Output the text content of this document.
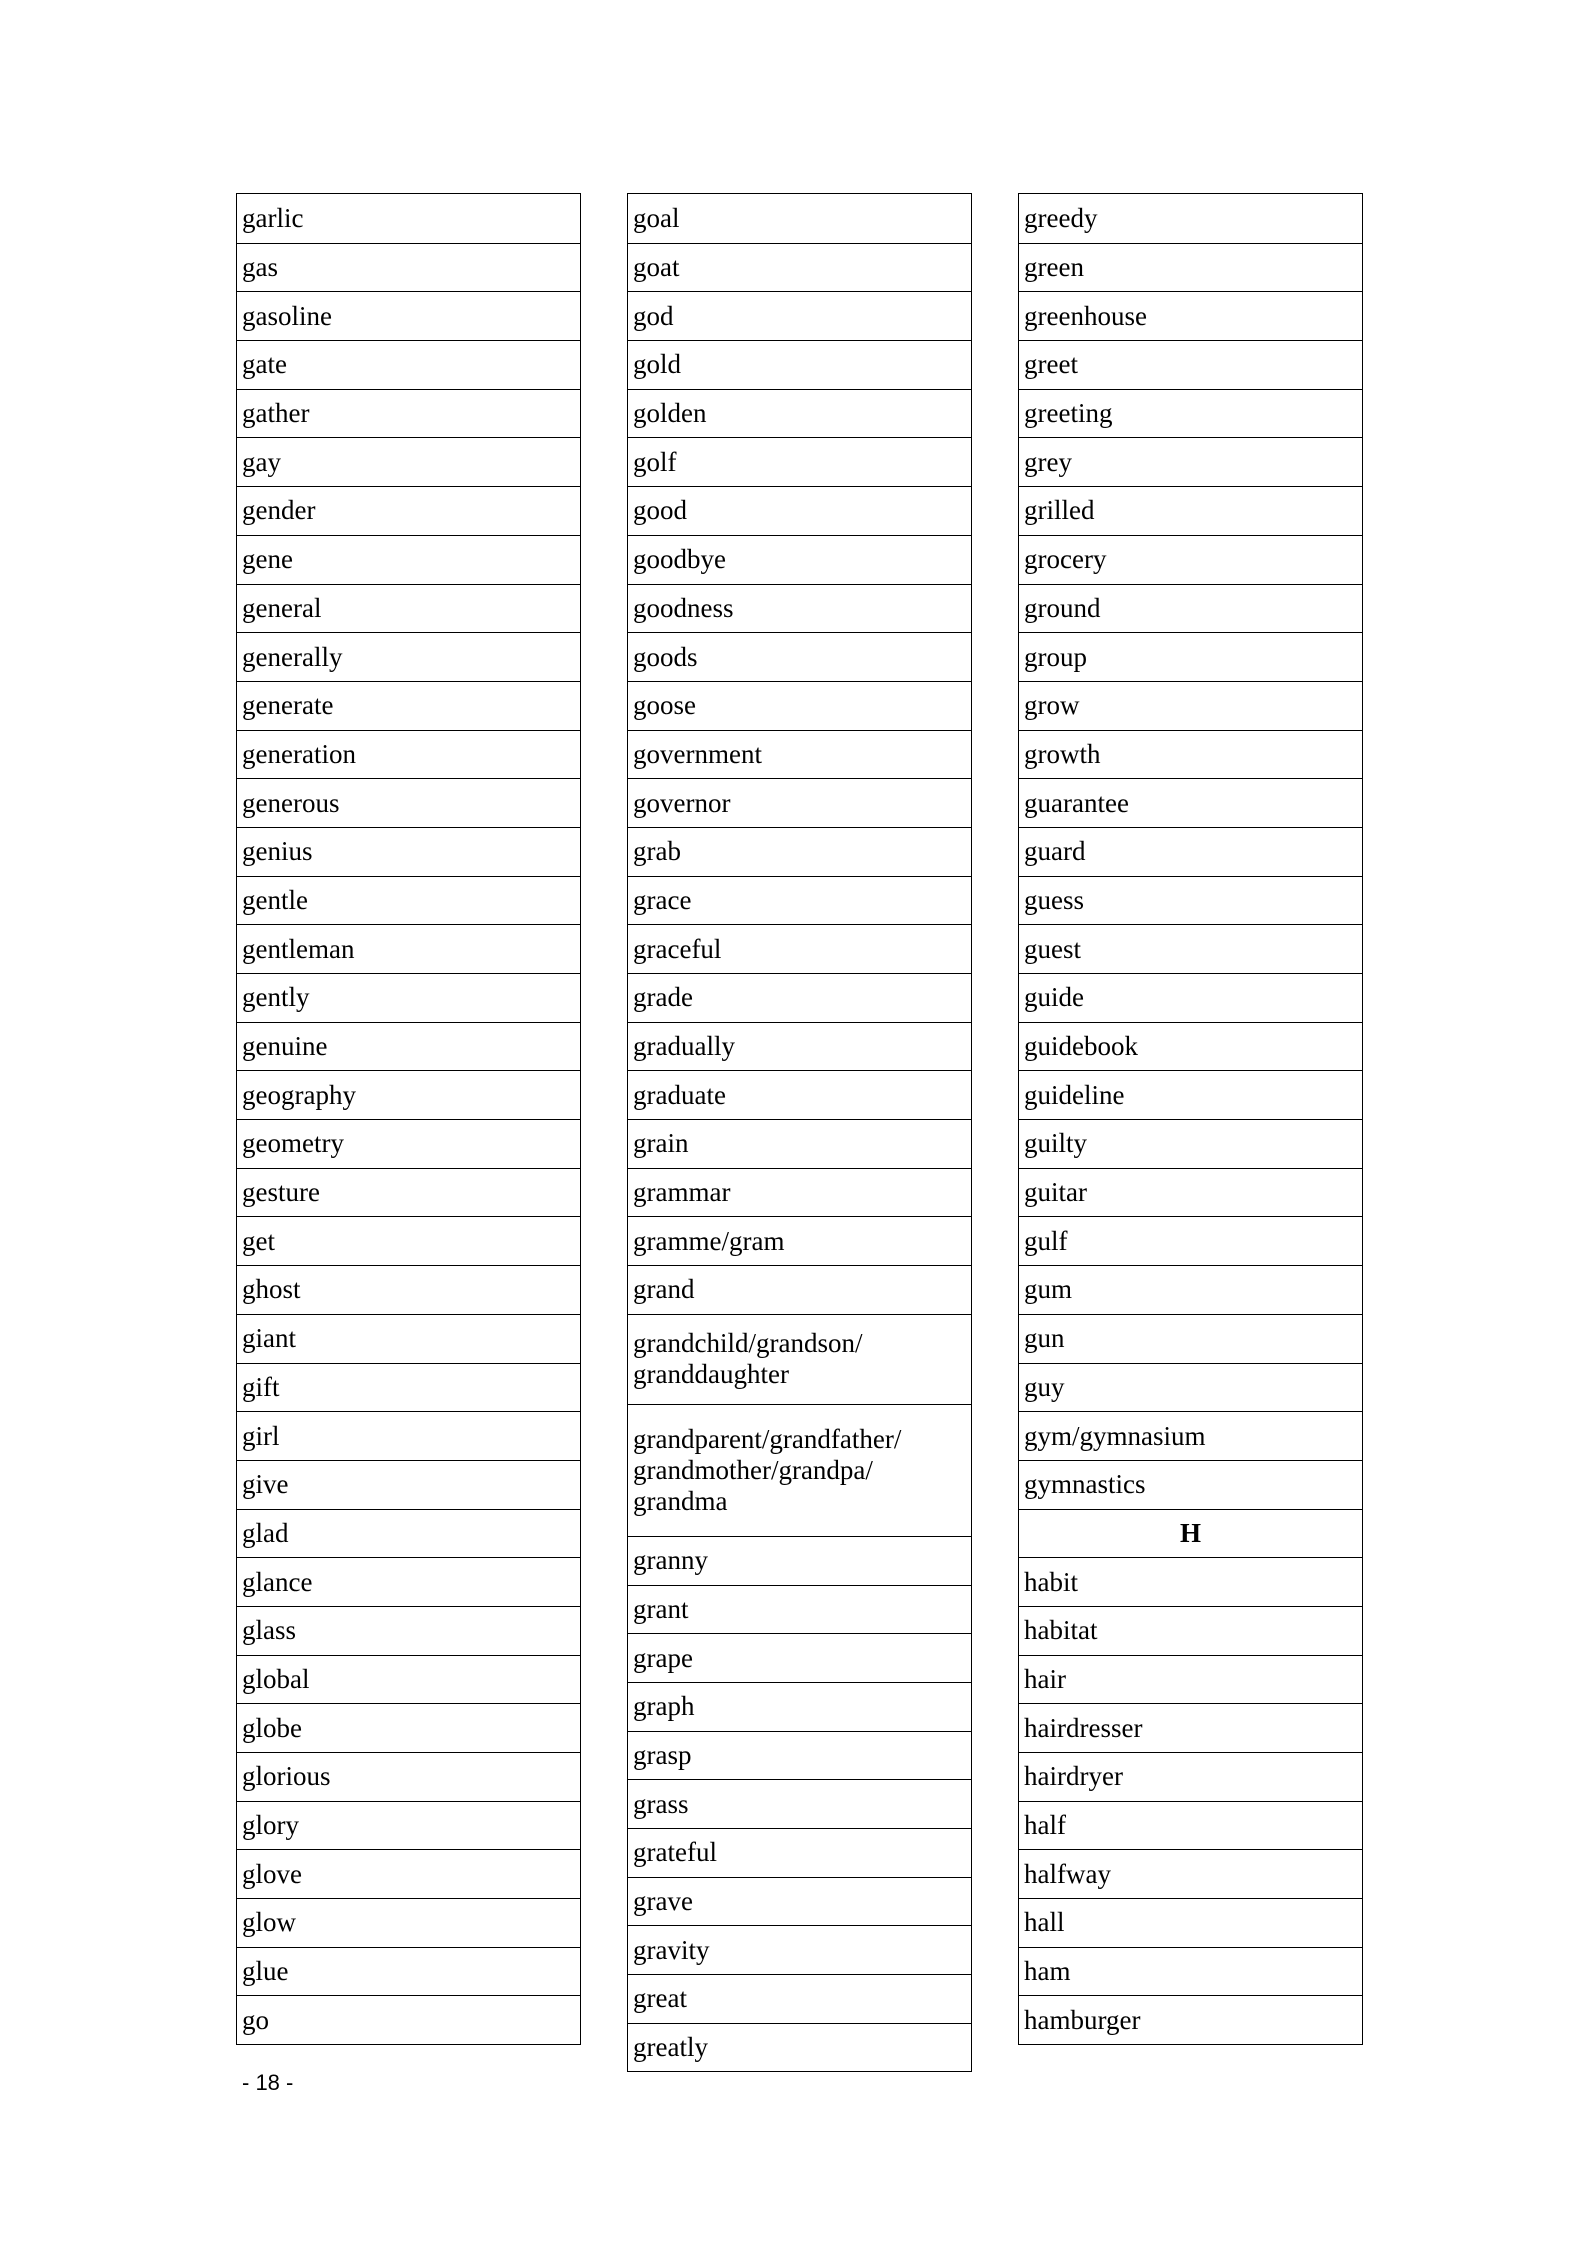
garlic
gas
gasoline
gate
gather
gay
gender
gene
general
generally
generate
generation
generous
genius
gentle
gentleman
gently
genuine
geography
geometry
gesture
get
ghost
giant
gift
girl
give
glad
glance
glass
global
globe
glorious
glory
glove
glow
glue
go
goal
goat
god
gold
golden
golf
good
goodbye
goodness
goods
goose
government
governor
grab
grace
graceful
grade
gradually
graduate
grain
grammar
gramme/gram
grand
grandchild/grandson/ granddaughter
grandparent/grandfather/ grandmother/grandpa/ grandma
granny
grant
grape
graph
grasp
grass
grateful
grave
gravity
great
greatly
greedy
green
greenhouse
greet
greeting
grey
grilled
grocery
ground
group
grow
growth
guarantee
guard
guess
guest
guide
guidebook
guideline
guilty
guitar
gulf
gum
gun
guy
gym/gymnasium
gymnastics
H
habit
habitat
hair
hairdresser
hairdryer
half
halfway
hall
ham
hamburger
- 18 -
